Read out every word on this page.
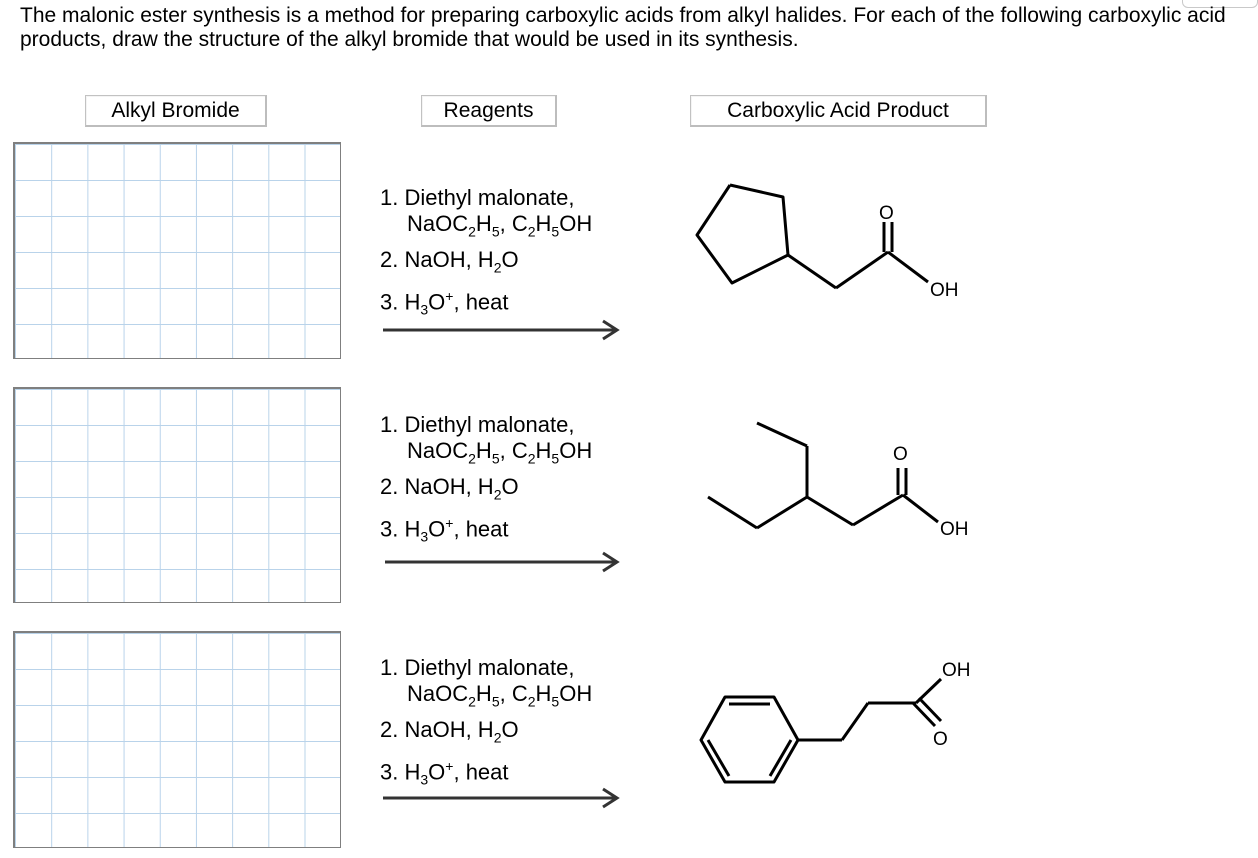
The malonic ester synthesis is a method for preparing carboxylic acids from alkyl halides. For each of the following carboxylic acid products, draw the structure of the alkyl bromide that would be used in its synthesis.

Alkyl Bromide	Reagents	Carboxylic Acid Product
1. Diethyl malonate,
$NaOC_2H_5$, $C_2H_5OH$
2. NaOH, $H_2O$
3. $H_3O^+$, heat
O
OH
1. Diethyl malonate,
$NaOC_2H_5$, $C_2H_5OH$
2. NaOH, $H_2O$
3. $H_3O^+$, heat
O
OH
1. Diethyl malonate,
$NaOC_2H_5$, $C_2H_5OH$
2. NaOH, $H_2O$
3. $H_3O^+$, heat
OH
O
